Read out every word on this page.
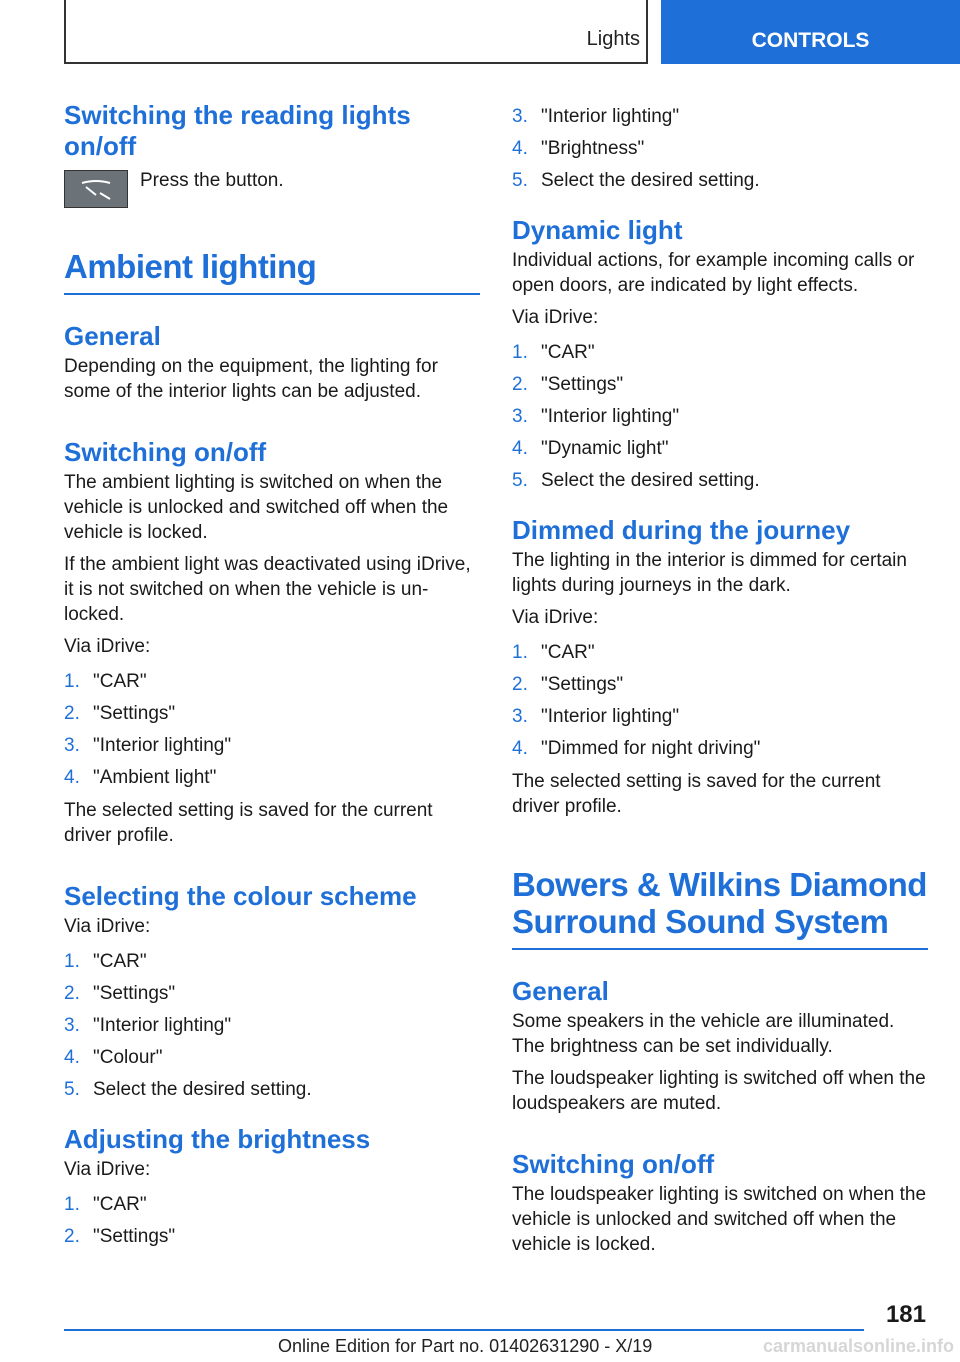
Lights	CONTROLS
Switching the reading lights on/off

Press the button.

Ambient lighting
General

Depending on the equipment, the lighting for some of the interior lights can be adjusted.

Switching on/off

The ambient lighting is switched on when the vehicle is unlocked and switched off when the vehicle is locked.

If the ambient light was deactivated using iDrive, it is not switched on when the vehicle is unlocked.

Via iDrive:

1. "CAR"
2. "Settings"
3. "Interior lighting"
4. "Ambient light"

The selected setting is saved for the current driver profile.

Selecting the colour scheme

Via iDrive:

1. "CAR"
2. "Settings"
3. "Interior lighting"
4. "Colour"
5. Select the desired setting.
Adjusting the brightness

Via iDrive:

1. "CAR"
2. "Settings"
3. "Interior lighting"
4. "Brightness"
5. Select the desired setting.
Dynamic light

Individual actions, for example incoming calls or open doors, are indicated by light effects.

Via iDrive:

1. "CAR"
2. "Settings"
3. "Interior lighting"
4. "Dynamic light"
5. Select the desired setting.
Dimmed during the journey

The lighting in the interior is dimmed for certain lights during journeys in the dark.

Via iDrive:

1. "CAR"
2. "Settings"
3. "Interior lighting"
4. "Dimmed for night driving"

The selected setting is saved for the current driver profile.

Bowers & Wilkins Diamond Surround Sound System
General

Some speakers in the vehicle are illuminated. The brightness can be set individually.

The loudspeaker lighting is switched off when the loudspeakers are muted.

Switching on/off

The loudspeaker lighting is switched on when the vehicle is unlocked and switched off when the vehicle is locked.

181
Online Edition for Part no. 01402631290 - X/19	carmanualsonline.info
